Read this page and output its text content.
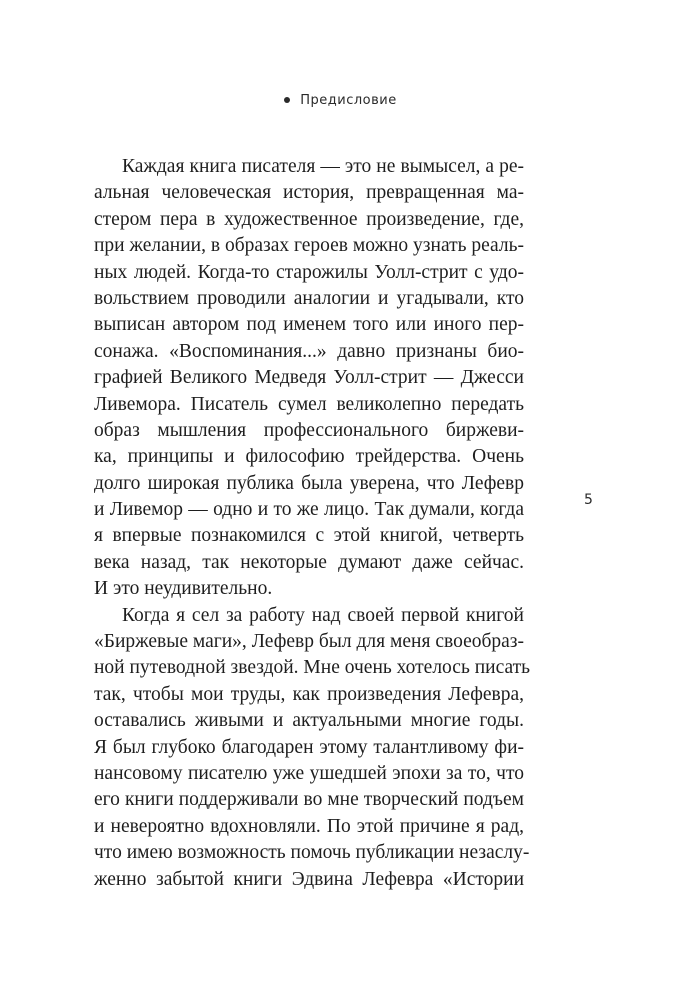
Предисловие
Каждая книга писателя — это не вымысел, а ре-
альная человеческая история, превращенная ма-
стером пера в художественное произведение, где,
при желании, в образах героев можно узнать реаль-
ных людей. Когда-то старожилы Уолл-стрит с удо-
вольствием проводили аналогии и угадывали, кто
выписан автором под именем того или иного пер-
сонажа. «Воспоминания...» давно признаны био-
графией Великого Медведя Уолл-стрит — Джесси
Ливемора. Писатель сумел великолепно передать
образ мышления профессионального биржеви-
ка, принципы и философию трейдерства. Очень
долго широкая публика была уверена, что Лефевр
и Ливемор — одно и то же лицо. Так думали, когда
я впервые познакомился с этой книгой, четверть
века назад, так некоторые думают даже сейчас.
И это неудивительно.
Когда я сел за работу над своей первой книгой
«Биржевые маги», Лефевр был для меня своеобраз-
ной путеводной звездой. Мне очень хотелось писать
так, чтобы мои труды, как произведения Лефевра,
оставались живыми и актуальными многие годы.
Я был глубоко благодарен этому талантливому фи-
нансовому писателю уже ушедшей эпохи за то, что
его книги поддерживали во мне творческий подъем
и невероятно вдохновляли. По этой причине я рад,
что имею возможность помочь публикации незаслу-
женно забытой книги Эдвина Лефевра «Истории
5
